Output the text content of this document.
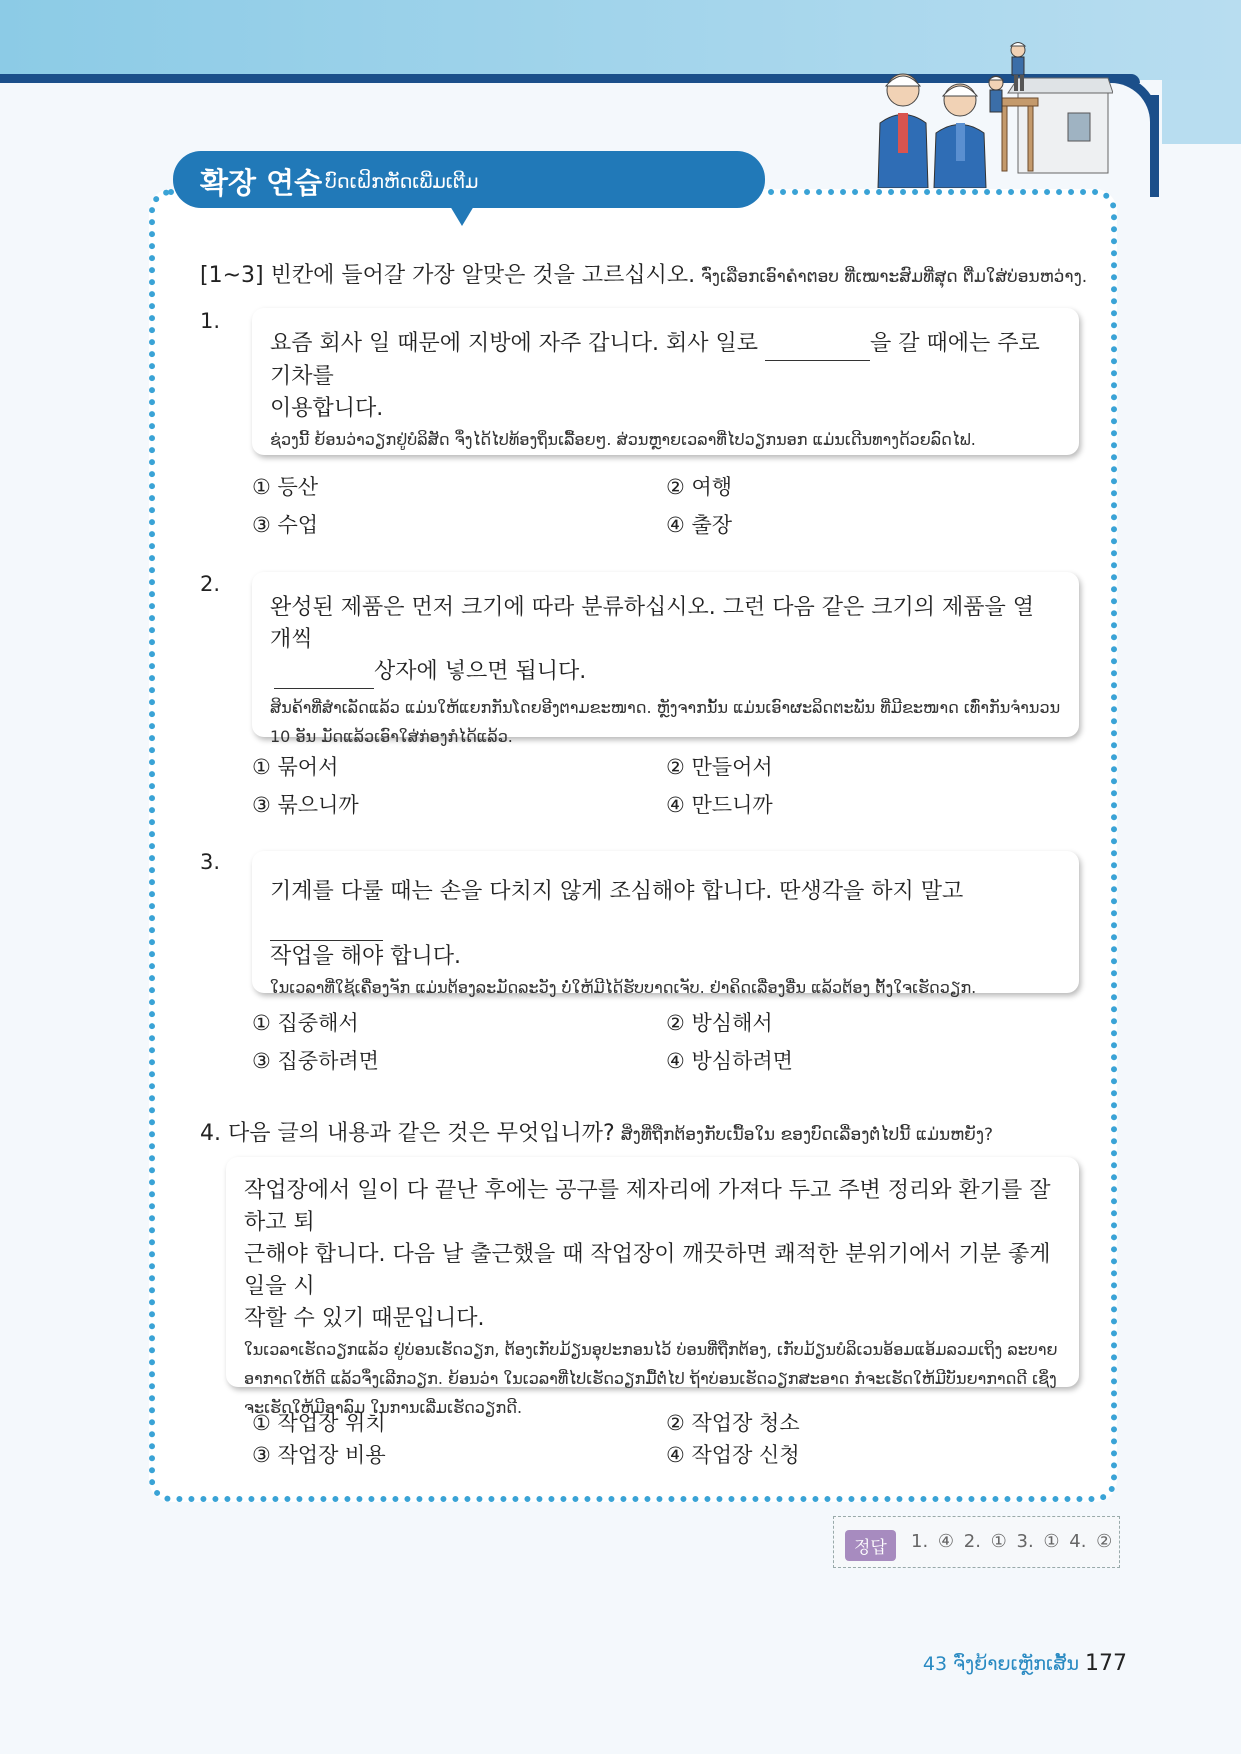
확장 연습 ບົດເຝິກຫັດເພີ່ມເຕີມ
[1~3] 빈칸에 들어갈 가장 알맞은 것을 고르십시오. ຈົ່ງເລືອກເອົາຄຳຕອບ ທີ່ເໝາະສົມທີ່ສຸດ ຕື່ມໃສ່ບ່ອນຫວ່າງ.
1.
요즘 회사 일 때문에 지방에 자주 갑니다. 회사 일로	을 갈 때에는 주로 기차를
이용합니다.
ຊ່ວງນີ້ ຍ້ອນວ່າວຽກຢູ່ບໍລິສັດ ຈຶ່ງໄດ້ໄປທ້ອງຖິ່ນເລື້ອຍໆ. ສ່ວນຫຼາຍເວລາທີ່ໄປວຽກນອກ ແມ່ນເດີນທາງດ້ວຍລົດໄຟ.
① 등산	② 여행
③ 수업	④ 출장
2.
완성된 제품은 먼저 크기에 따라 분류하십시오. 그런 다음 같은 크기의 제품을 열 개씩
상자에 넣으면 됩니다.
ສິນຄ້າທີ່ສຳເລັດແລ້ວ ແມ່ນໃຫ້ແຍກກັນໂດຍອີງຕາມຂະໜາດ. ຫຼັງຈາກນັ້ນ ແມ່ນເອົາຜະລິດຕະພັນ ທີ່ມີຂະໜາດ ເທົ່າກັນຈຳນວນ
10 ອັນ ມັດແລ້ວເອົາໃສ່ກ່ອງກໍໄດ້ແລ້ວ.
① 묶어서	② 만들어서
③ 묶으니까	④ 만드니까
3.
기계를 다룰 때는 손을 다치지 않게 조심해야 합니다. 딴생각을 하지 말고
작업을 해야 합니다.
ໃນເວລາທີ່ໃຊ້ເຄື່ອງຈັກ ແມ່ນຕ້ອງລະມັດລະວັງ ບໍ່ໃຫ້ມີໄດ້ຮັບບາດເຈັບ. ຢ່າຄິດເລື່ອງອື່ນ ແລ້ວຕ້ອງ ຕັ້ງໃຈເຮັດວຽກ.
① 집중해서	② 방심해서
③ 집중하려면	④ 방심하려면
4. 다음 글의 내용과 같은 것은 무엇입니까? ສິ່ງທີ່ຖືກຕ້ອງກັບເນື້ອໃນ ຂອງບົດເລື່ອງຕໍ່ໄປນີ້ ແມ່ນຫຍັງ?
작업장에서 일이 다 끝난 후에는 공구를 제자리에 가져다 두고 주변 정리와 환기를 잘 하고 퇴
근해야 합니다. 다음 날 출근했을 때 작업장이 깨끗하면 쾌적한 분위기에서 기분 좋게 일을 시
작할 수 있기 때문입니다.
ໃນເວລາເຮັດວຽກແລ້ວ ຢູ່ບ່ອນເຮັດວຽກ, ຕ້ອງເກັບມ້ຽນອຸປະກອນໄວ້ ບ່ອນທີ່ຖືກຕ້ອງ, ເກັບມ້ຽນບໍລິເວນອ້ອມແອ້ມລວມເຖິງ ລະບາຍ
ອາກາດໃຫ້ດີ ແລ້ວຈຶ່ງເລີກວຽກ. ຍ້ອນວ່າ ໃນເວລາທີ່ໄປເຮັດວຽກມື້ຕໍ່ໄປ ຖ້າບ່ອນເຮັດວຽກສະອາດ ກໍຈະເຮັດໃຫ້ມີບັນຍາກາດດີ ເຊິ່ງ
ຈະເຮັດໃຫ້ມີອາລົມ ໃນການເລີ່ມເຮັດວຽກດີ.
① 작업장 위치	② 작업장 청소
③ 작업장 비용	④ 작업장 신청
정답	1. ④ 2. ① 3. ① 4. ②
43 ຈົ່ງຍ້າຍເຫຼັກເສັ້ນ 177
